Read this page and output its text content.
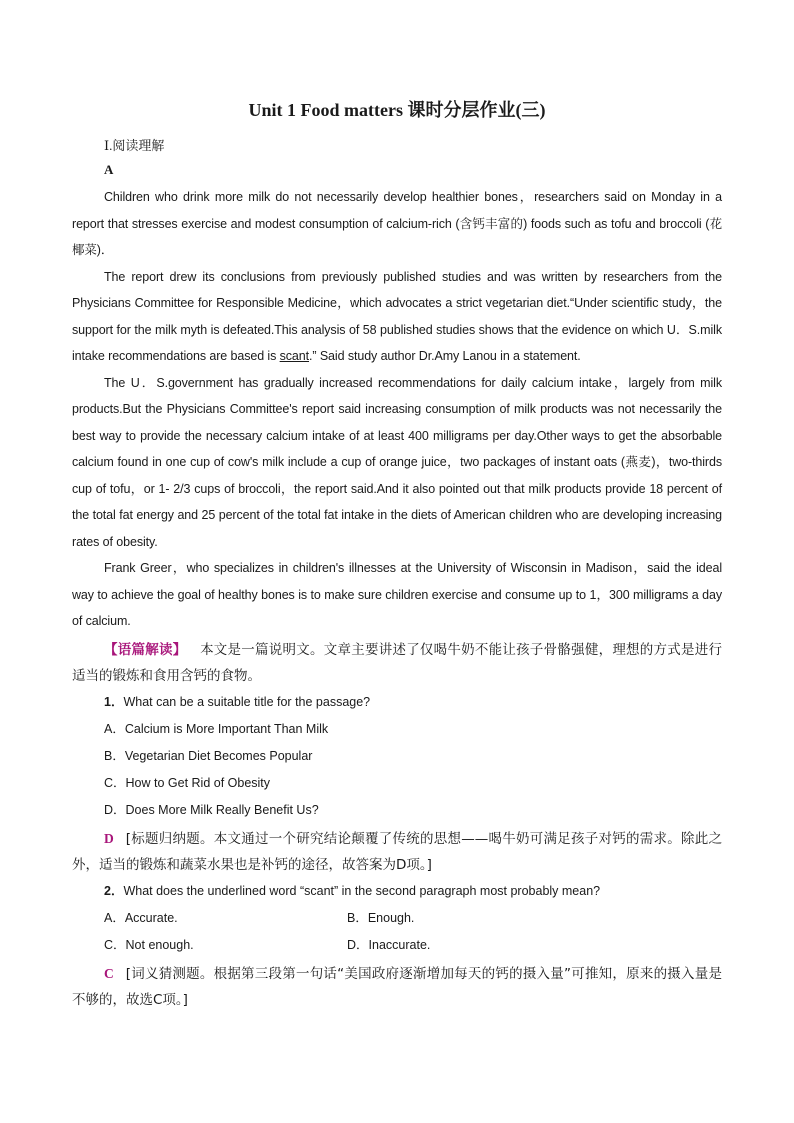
Unit 1 Food matters 课时分层作业(三)
Ⅰ.阅读理解
A

Children who drink more milk do not necessarily develop healthier bones，researchers said on Monday in a report that stresses exercise and modest consumption of calcium-rich (含钙丰富的) foods such as tofu and broccoli (花椰菜)．

The report drew its conclusions from previously published studies and was written by researchers from the Physicians Committee for Responsible Medicine，which advocates a strict vegetarian diet.“Under scientific study，the support for the milk myth is defeated.This analysis of 58 published studies shows that the evidence on which U．S.milk intake recommendations are based is scant.” Said study author Dr.Amy Lanou in a statement.

The U．S.government has gradually increased recommendations for daily calcium intake，largely from milk products.But the Physicians Committee's report said increasing consumption of milk products was not necessarily the best way to provide the necessary calcium intake of at least 400 milligrams per day.Other ways to get the absorbable calcium found in one cup of cow's milk include a cup of orange juice，two packages of instant oats (燕麦)，two-thirds cup of tofu，or 1- 2/3 cups of broccoli，the report said.And it also pointed out that milk products provide 18 percent of the total fat energy and 25 percent of the total fat intake in the diets of American children who are developing increasing rates of obesity.

Frank Greer，who specializes in children's illnesses at the University of Wisconsin in Madison，said the ideal way to achieve the goal of healthy bones is to make sure children exercise and consume up to 1，300 milligrams a day of calcium.

【语篇解读】 本文是一篇说明文。文章主要讲述了仅喝牛奶不能让孩子骨骼强健，理想的方式是进行适当的锻炼和食用含钙的食物。

1．What can be a suitable title for the passage?
A．Calcium is More Important Than Milk
B．Vegetarian Diet Becomes Popular
C．How to Get Rid of Obesity
D．Does More Milk Really Benefit Us?

D [标题归纳题。本文通过一个研究结论颠覆了传统的思想——喝牛奶可满足孩子对钙的需求。除此之外，适当的锻炼和蔬菜水果也是补钙的途径，故答案为D项。]

2．What does the underlined word “scant” in the second paragraph most probably mean?
A．Accurate.	B．Enough.
C．Not enough.	D．Inaccurate.

C [词义猜测题。根据第三段第一句话“美国政府逐渐增加每天的钙的摄入量”可推知，原来的摄入量是不够的，故选C项。]
